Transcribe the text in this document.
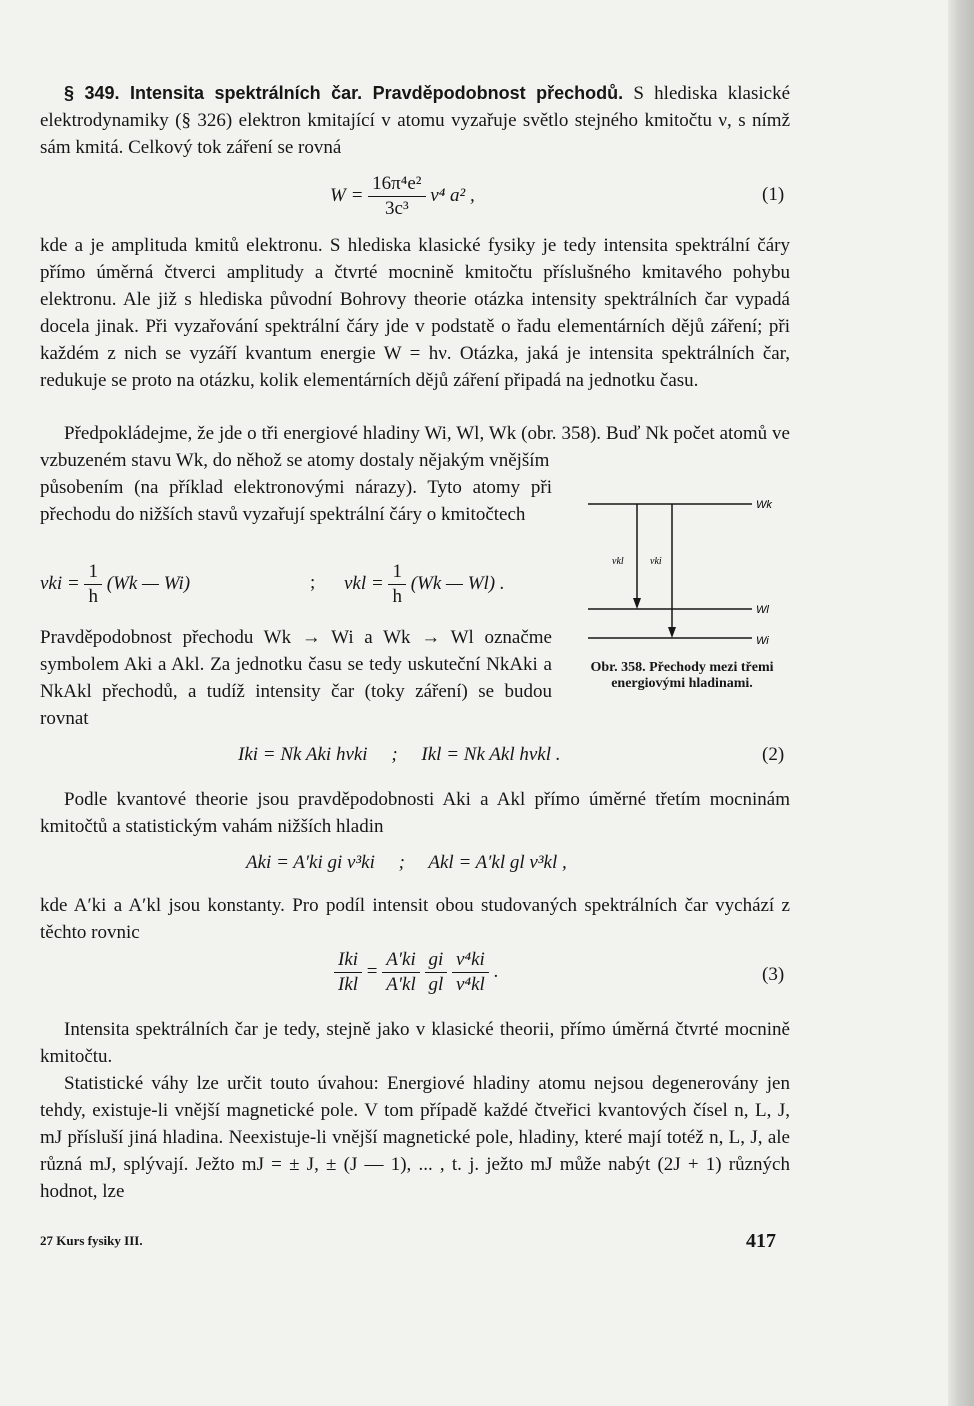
§ 349. Intensita spektrálních čar. Pravděpodobnost přechodů. S hlediska klasické elektrodynamiky (§ 326) elektron kmitající v atomu vyzařuje světlo stejného kmitočtu ν, s nímž sám kmitá. Celkový tok záření se rovná

$W = \frac{\text{16π⁴e²}}{\text{3c³}} \nu^4$ a² ,	(1)

kde a je amplituda kmitů elektronu. S hlediska klasické fysiky je tedy intensita spektrální čáry přímo úměrná čtverci amplitudy a čtvrté mocnině kmitočtu příslušného kmitavého pohybu elektronu. Ale již s hlediska původní Bohrovy theorie otázka intensity spektrálních čar vypadá docela jinak. Při vyzařování spektrální čáry jde v podstatě o řadu elementárních dějů záření; při každém z nich se vyzáří kvantum energie W = hν. Otázka, jaká je intensita spektrálních čar, redukuje se proto na otázku, kolik elementárních dějů záření připadá na jednotku času.

Předpokládejme, že jde o tři energiové hladiny Wi, Wl, Wk (obr. 358). Buď Nk počet atomů ve vzbuzeném stavu Wk, do něhož se atomy dostaly nějakým vnějším

působením (na příklad elektronovými nárazy). Tyto atomy při přechodu do nižších stavů vyzařují spektrální čáry o kmitočtech

$\nu ki = \frac{1}{h} (Wk$ — Wi)	; $\nu kl = \frac{1}{h} (Wk$ — Wl) .

Pravděpodobnost přechodu Wk → Wi a Wk → Wl označme symbolem Aki a Akl. Za jednotku času se tedy uskuteční NkAki a NkAkl přechodů, a tudíž intensity čar (toky záření) se budou rovnat

Wk
Wl
Wi
νkl	νki
Obr. 358. Přechody mezi třemi energiovými hladinami.
Iki = Nk Aki hνki     ;     Ikl = Nk Akl hνkl .	(2)

Podle kvantové theorie jsou pravděpodobnosti Aki a Akl přímo úměrné třetím mocninám kmitočtů a statistickým vahám nižších hladin

Aki = A′ki gi ν³ki     ;     Akl = A′kl gl ν³kl ,

kde A′ki a A′kl jsou konstanty. Pro podíl intensit obou studovaných spektrálních čar vychází z těchto rovnic

$\frac{\text{Iki}}{\text{Ikl}} = \frac{A'ki}{A'kl}$
$\frac{gi}{gl}$
$\frac{\text{ν⁴ki}}{\text{ν⁴kl}}$ .	(3)

Intensita spektrálních čar je tedy, stejně jako v klasické theorii, přímo úměrná čtvrté mocnině kmitočtu.

Statistické váhy lze určit touto úvahou: Energiové hladiny atomu nejsou degenerovány jen tehdy, existuje-li vnější magnetické pole. V tom případě každé čtveřici kvantových čísel n, L, J, mJ přísluší jiná hladina. Neexistuje-li vnější magnetické pole, hladiny, které mají totéž n, L, J, ale různá mJ, splývají. Ježto mJ = ± J, ± (J — 1), ... , t. j. ježto mJ může nabýt (2J + 1) různých hodnot, lze

27 Kurs fysiky III.	417
